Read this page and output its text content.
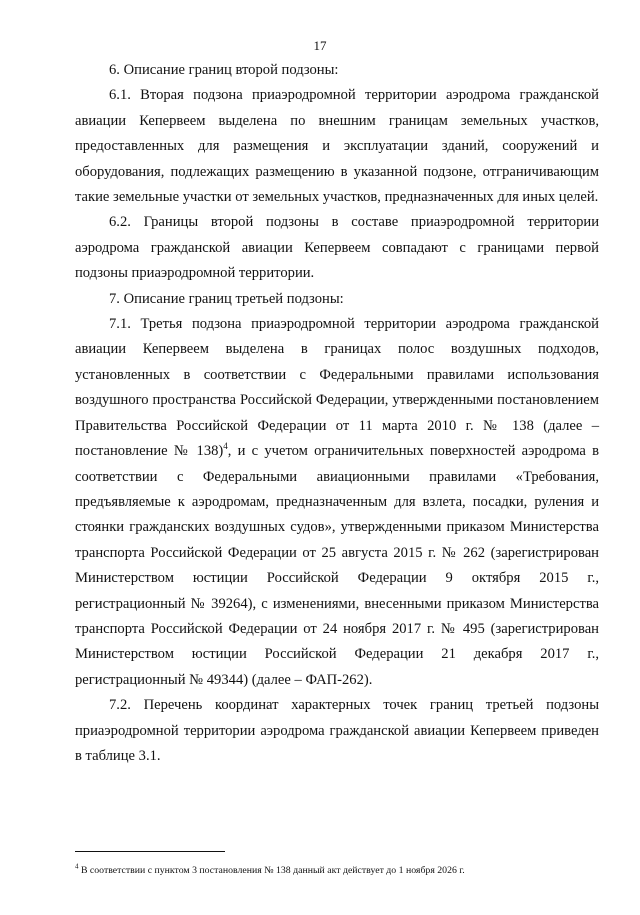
17

6. Описание границ второй подзоны:

6.1. Вторая подзона приаэродромной территории аэродрома гражданской авиации Кепервеем выделена по внешним границам земельных участков, предоставленных для размещения и эксплуатации зданий, сооружений и оборудования, подлежащих размещению в указанной подзоне, отграничивающим такие земельные участки от земельных участков, предназначенных для иных целей.

6.2. Границы второй подзоны в составе приаэродромной территории аэродрома гражданской авиации Кепервеем совпадают с границами первой подзоны приаэродромной территории.

7. Описание границ третьей подзоны:

7.1. Третья подзона приаэродромной территории аэродрома гражданской авиации Кепервеем выделена в границах полос воздушных подходов, установленных в соответствии с Федеральными правилами использования воздушного пространства Российской Федерации, утвержденными постановлением Правительства Российской Федерации от 11 марта 2010 г. № 138 (далее – постановление № 138)$^4$, и с учетом ограничительных поверхностей аэродрома в соответствии с Федеральными авиационными правилами «Требования, предъявляемые к аэродромам, предназначенным для взлета, посадки, руления и стоянки гражданских воздушных судов», утвержденными приказом Министерства транспорта Российской Федерации от 25 августа 2015 г. № 262 (зарегистрирован Министерством юстиции Российской Федерации 9 октября 2015 г., регистрационный № 39264), с изменениями, внесенными приказом Министерства транспорта Российской Федерации от 24 ноября 2017 г. № 495 (зарегистрирован Министерством юстиции Российской Федерации 21 декабря 2017 г., регистрационный № 49344) (далее – ФАП-262).

7.2. Перечень координат характерных точек границ третьей подзоны приаэродромной территории аэродрома гражданской авиации Кепервеем приведен в таблице 3.1.

$^4$ В соответствии с пунктом 3 постановления № 138 данный акт действует до 1 ноября 2026 г.
